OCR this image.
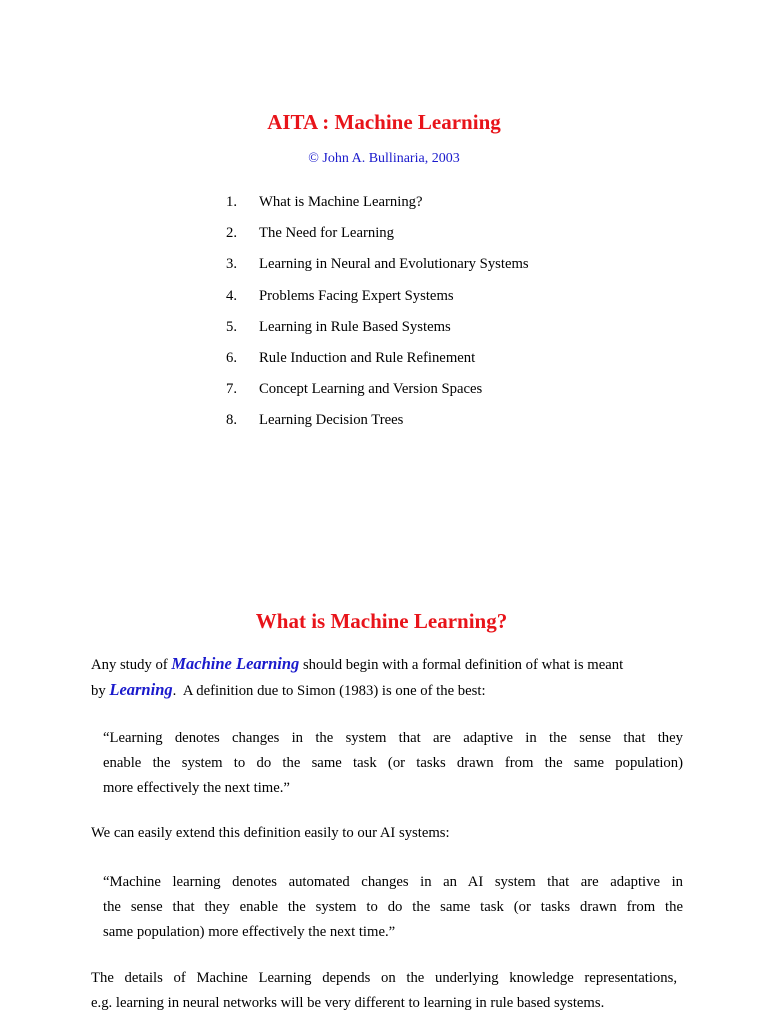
AITA : Machine Learning
© John A. Bullinaria, 2003
1. What is Machine Learning?
2. The Need for Learning
3. Learning in Neural and Evolutionary Systems
4. Problems Facing Expert Systems
5. Learning in Rule Based Systems
6. Rule Induction and Rule Refinement
7. Concept Learning and Version Spaces
8. Learning Decision Trees
What is Machine Learning?

Any study of Machine Learning should begin with a formal definition of what is meant
by Learning.  A definition due to Simon (1983) is one of the best:

“Learning denotes changes in the system that are adaptive in the sense that they
enable the system to do the same task (or tasks drawn from the same population)
more effectively the next time.”

We can easily extend this definition easily to our AI systems:

“Machine learning denotes automated changes in an AI system that are adaptive in
the sense that they enable the system to do the same task (or tasks drawn from the
same population) more effectively the next time.”

The details of Machine Learning depends on the underlying knowledge representations,
e.g. learning in neural networks will be very different to learning in rule based systems.
